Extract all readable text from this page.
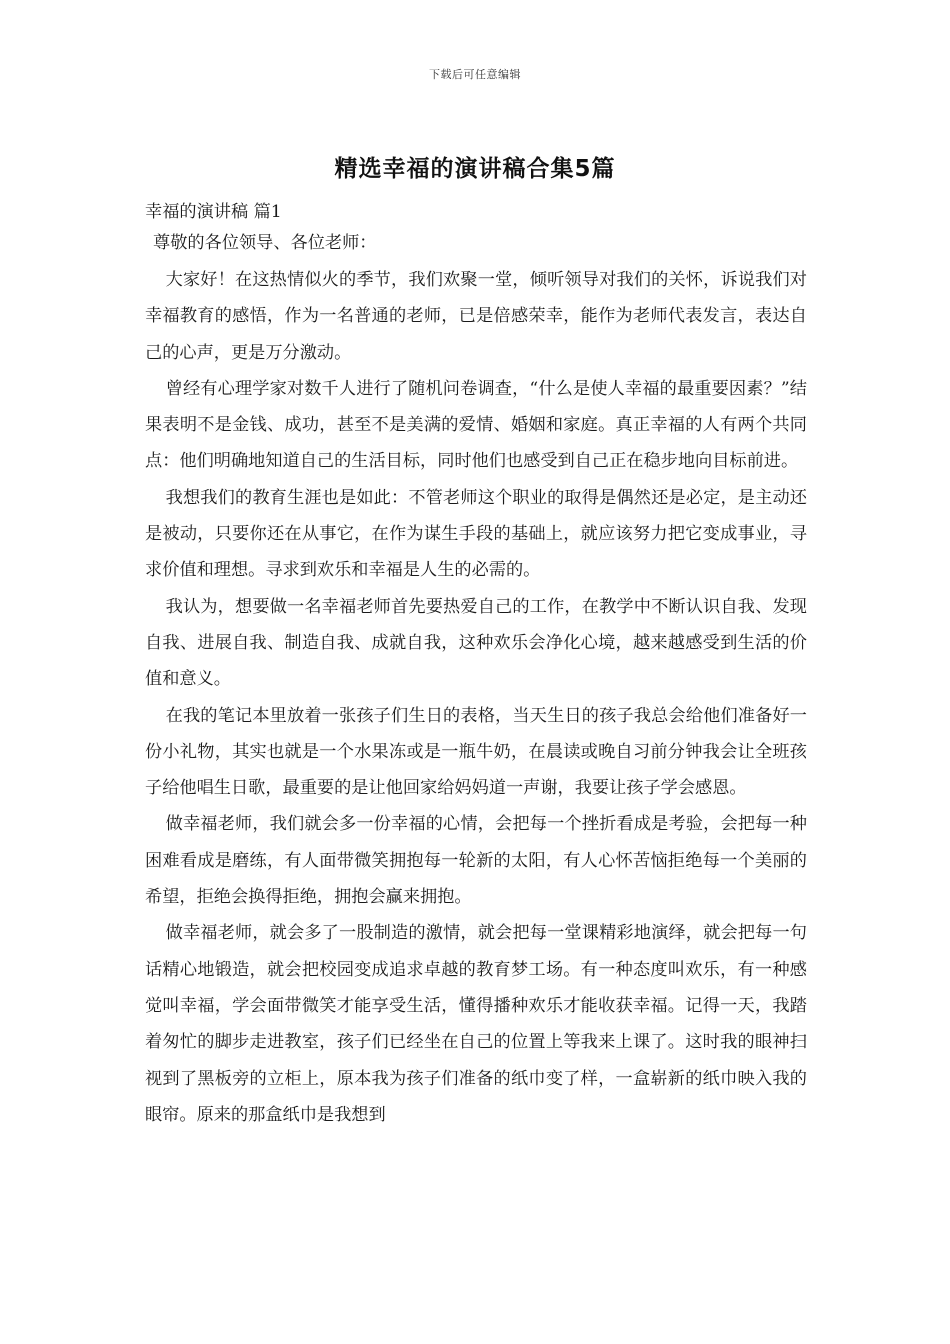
下载后可任意编辑
精选幸福的演讲稿合集5篇

幸福的演讲稿 篇1

尊敬的各位领导、各位老师：

大家好！在这热情似火的季节，我们欢聚一堂，倾听领导对我们的关怀，诉说我们对幸福教育的感悟，作为一名普通的老师，已是倍感荣幸，能作为老师代表发言，表达自己的心声，更是万分激动。

曾经有心理学家对数千人进行了随机问卷调查，“什么是使人幸福的最重要因素？”结果表明不是金钱、成功，甚至不是美满的爱情、婚姻和家庭。真正幸福的人有两个共同点：他们明确地知道自己的生活目标，同时他们也感受到自己正在稳步地向目标前进。

我想我们的教育生涯也是如此：不管老师这个职业的取得是偶然还是必定，是主动还是被动，只要你还在从事它，在作为谋生手段的基础上，就应该努力把它变成事业，寻求价值和理想。寻求到欢乐和幸福是人生的必需的。

我认为，想要做一名幸福老师首先要热爱自己的工作，在教学中不断认识自我、发现自我、进展自我、制造自我、成就自我，这种欢乐会净化心境，越来越感受到生活的价值和意义。

在我的笔记本里放着一张孩子们生日的表格，当天生日的孩子我总会给他们准备好一份小礼物，其实也就是一个水果冻或是一瓶牛奶，在晨读或晚自习前分钟我会让全班孩子给他唱生日歌，最重要的是让他回家给妈妈道一声谢，我要让孩子学会感恩。

做幸福老师，我们就会多一份幸福的心情，会把每一个挫折看成是考验，会把每一种困难看成是磨练，有人面带微笑拥抱每一轮新的太阳，有人心怀苦恼拒绝每一个美丽的希望，拒绝会换得拒绝，拥抱会赢来拥抱。

做幸福老师，就会多了一股制造的激情，就会把每一堂课精彩地演绎，就会把每一句话精心地锻造，就会把校园变成追求卓越的教育梦工场。有一种态度叫欢乐，有一种感觉叫幸福，学会面带微笑才能享受生活，懂得播种欢乐才能收获幸福。记得一天，我踏着匆忙的脚步走进教室，孩子们已经坐在自己的位置上等我来上课了。这时我的眼神扫视到了黑板旁的立柜上，原本我为孩子们准备的纸巾变了样，一盒崭新的纸巾映入我的眼帘。原来的那盒纸巾是我想到
